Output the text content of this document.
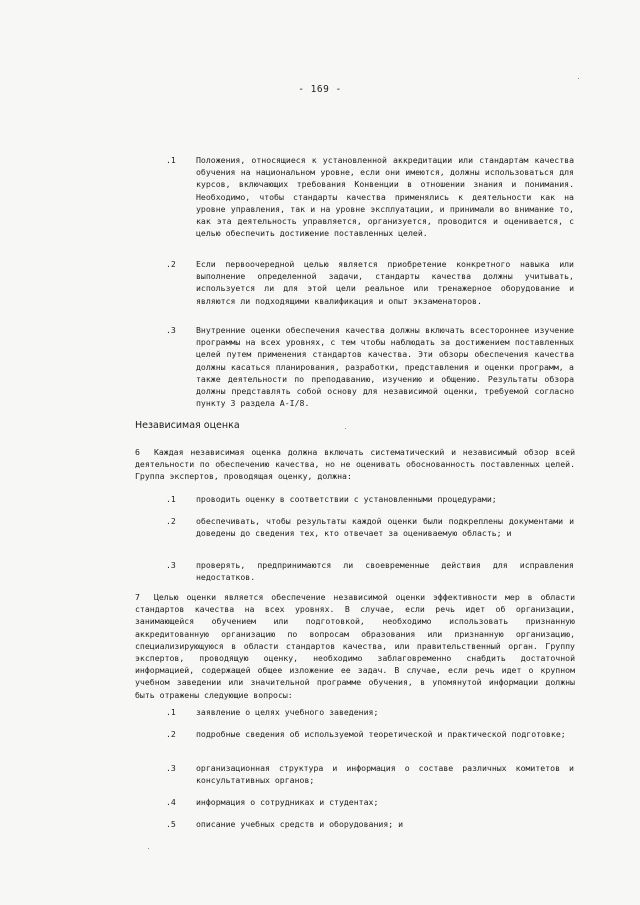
- 169 -
.1	Положения, относящиеся к установленной аккредитации или стандартам качества обучения на национальном уровне, если они имеются, должны использоваться для курсов, включающих требования Конвенции в отношении знания и понимания. Необходимо, чтобы стандарты качества применялись к деятельности как на уровне управления, так и на уровне эксплуатации, и принимали во внимание то, как эта деятельность управляется, организуется, проводится и оценивается, с целью обеспечить достижение поставленных целей.
.2	Если первоочередной целью является приобретение конкретного навыка или выполнение определенной задачи, стандарты качества должны учитывать, используется ли для этой цели реальное или тренажерное оборудование и являются ли подходящими квалификация и опыт экзаменаторов.
.3	Внутренние оценки обеспечения качества должны включать всестороннее изучение программы на всех уровнях, с тем чтобы наблюдать за достижением поставленных целей путем применения стандартов качества. Эти обзоры обеспечения качества должны касаться планирования, разработки, представления и оценки программ, а также деятельности по преподаванию, изучению и общению. Результаты обзора должны представлять собой основу для независимой оценки, требуемой согласно пункту 3 раздела А-I/8.
Независимая оценка
6 Каждая независимая оценка должна включать систематический и независимый обзор всей деятельности по обеспечению качества, но не оценивать обоснованность поставленных целей. Группа экспертов, проводящая оценку, должна:
.1	проводить оценку в соответствии с установленными процедурами;
.2	обеспечивать, чтобы результаты каждой оценки были подкреплены документами и доведены до сведения тех, кто отвечает за оцениваемую область; и
.3	проверять, предпринимаются ли своевременные действия для исправления недостатков.
7 Целью оценки является обеспечение независимой оценки эффективности мер в области стандартов качества на всех уровнях. В случае, если речь идет об организации, занимающейся обучением или подготовкой, необходимо использовать признанную аккредитованную организацию по вопросам образования или признанную организацию, специализирующуюся в области стандартов качества, или правительственный орган. Группу экспертов, проводящую оценку, необходимо заблаговременно снабдить достаточной информацией, содержащей общее изложение ее задач. В случае, если речь идет о крупном учебном заведении или значительной программе обучения, в упомянутой информации должны быть отражены следующие вопросы:
.1	заявление о целях учебного заведения;
.2	подробные сведения об используемой теоретической и практической подготовке;
.3	организационная структура и информация о составе различных комитетов и консультативных органов;
.4	информация о сотрудниках и студентах;
.5	описание учебных средств и оборудования; и
